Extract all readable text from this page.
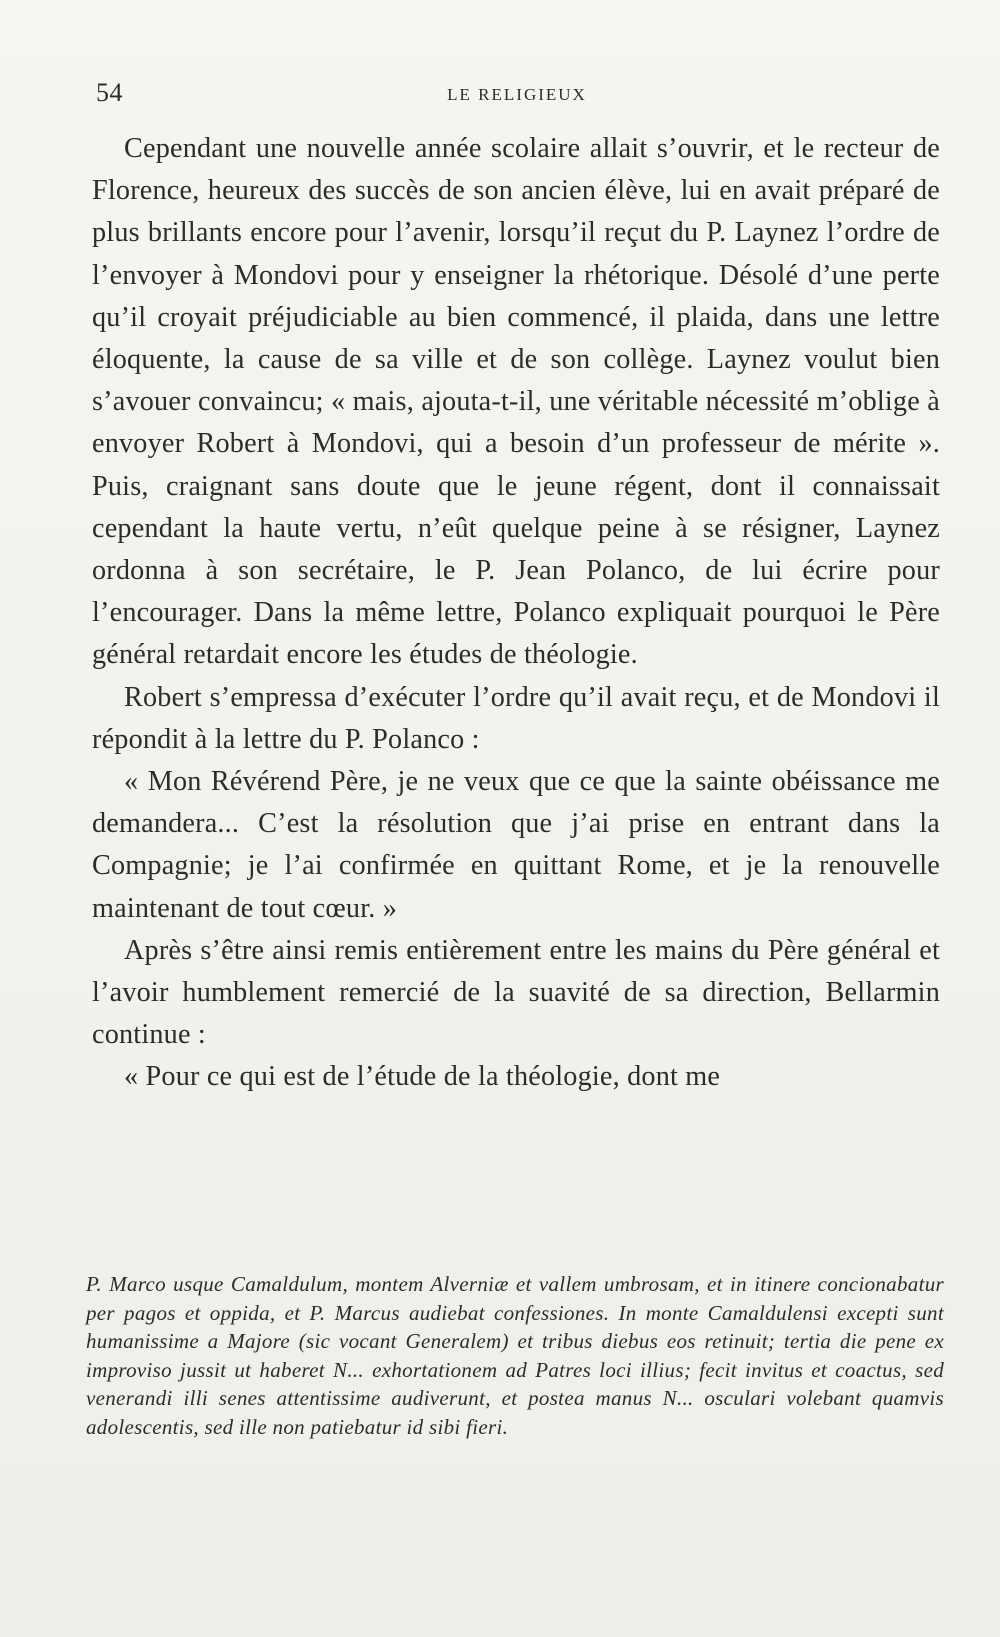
54	LE RELIGIEUX

Cependant une nouvelle année scolaire allait s’ouvrir, et le recteur de Florence, heureux des succès de son ancien élève, lui en avait préparé de plus brillants encore pour l’avenir, lorsqu’il reçut du P. Laynez l’ordre de l’envoyer à Mondovi pour y enseigner la rhétorique. Désolé d’une perte qu’il croyait préjudiciable au bien commencé, il plaida, dans une lettre éloquente, la cause de sa ville et de son collège. Laynez voulut bien s’avouer convaincu; « mais, ajouta-t-il, une véritable nécessité m’oblige à envoyer Robert à Mondovi, qui a besoin d’un professeur de mérite ». Puis, craignant sans doute que le jeune régent, dont il connaissait cependant la haute vertu, n’eût quelque peine à se résigner, Laynez ordonna à son secrétaire, le P. Jean Polanco, de lui écrire pour l’encourager. Dans la même lettre, Polanco expliquait pourquoi le Père général retardait encore les études de théologie.

Robert s’empressa d’exécuter l’ordre qu’il avait reçu, et de Mondovi il répondit à la lettre du P. Polanco :

« Mon Révérend Père, je ne veux que ce que la sainte obéissance me demandera... C’est la résolution que j’ai prise en entrant dans la Compagnie; je l’ai confirmée en quittant Rome, et je la renouvelle maintenant de tout cœur. »

Après s’être ainsi remis entièrement entre les mains du Père général et l’avoir humblement remercié de la suavité de sa direction, Bellarmin continue :

« Pour ce qui est de l’étude de la théologie, dont me

P. Marco usque Camaldulum, montem Alverniæ et vallem umbrosam, et in itinere concionabatur per pagos et oppida, et P. Marcus audiebat confessiones. In monte Camaldulensi excepti sunt humanissime a Majore (sic vocant Generalem) et tribus diebus eos retinuit; tertia die pene ex improviso jussit ut haberet N... exhortationem ad Patres loci illius; fecit invitus et coactus, sed venerandi illi senes attentissime audiverunt, et postea manus N... osculari volebant quamvis adolescentis, sed ille non patiebatur id sibi fieri.
